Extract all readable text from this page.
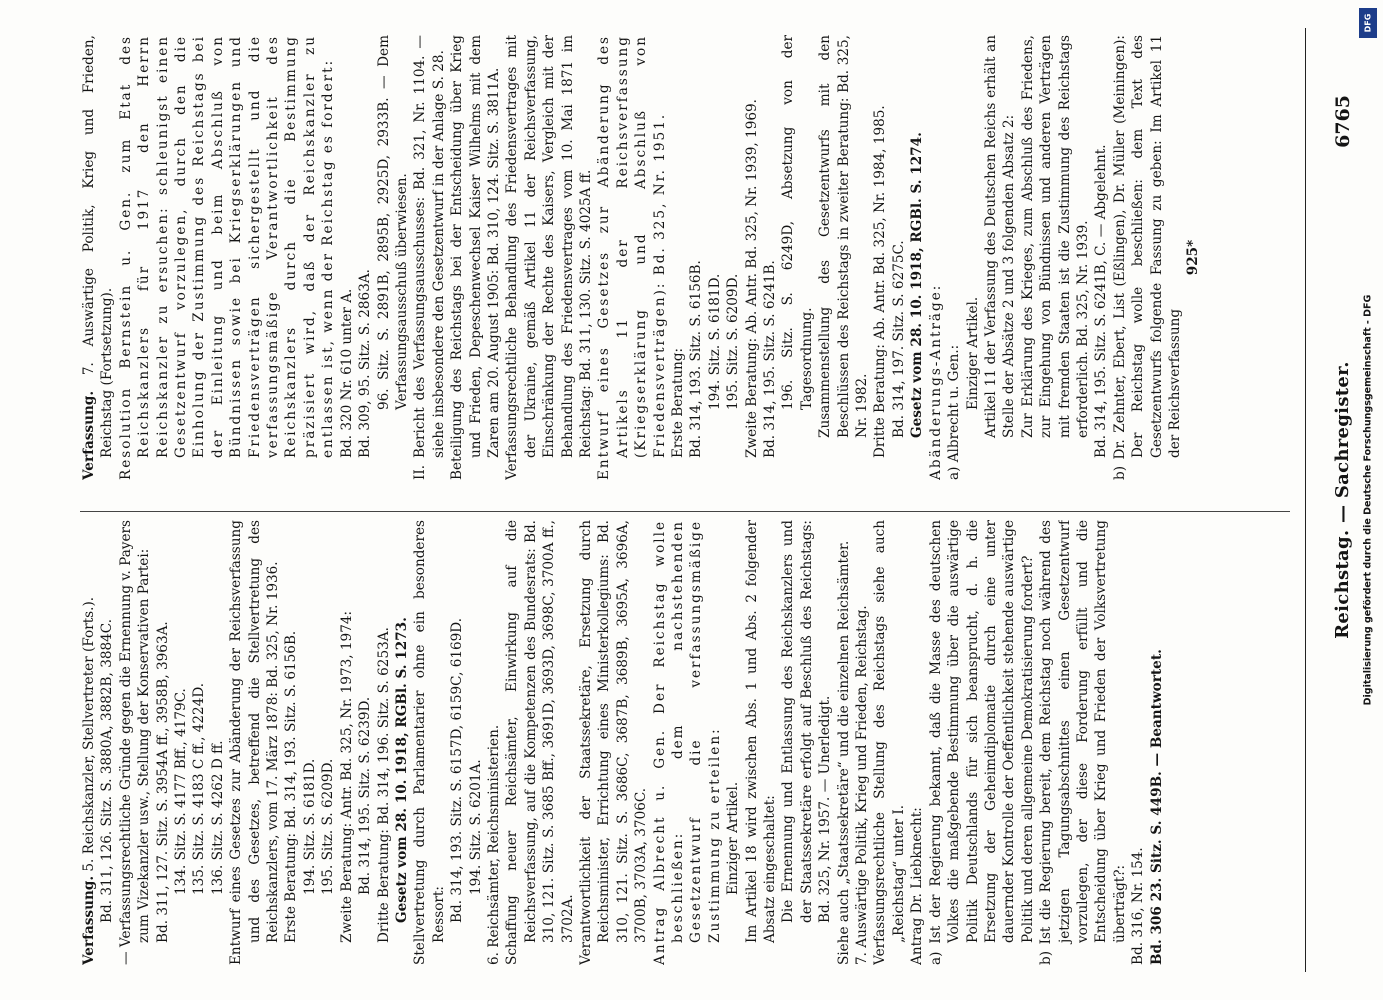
Reichstag. — Sachregister.
6765

Verfassung. 5. Reichskanzler, Stellvertreter (Forts.). Bd. 311, 126. Sitz. S. 3880A, 3882B, 3884C. — Verfassungsrechtliche Gründe gegen die Ernennung v. Payers zum Vizekanzler usw., Stellung der Konservativen Partei: Bd. 311, 127. Sitz. S. 3954A ff., 3958B, 3963A. 134. Sitz. S. 4177 Bff., 4179C. 135. Sitz. S. 4183 C ff., 4224D. 136. Sitz. S. 4262 D ff. Entwurf eines Gesetzes zur Abänderung der Reichsverfassung und des Gesetzes, betreffend die Stellvertretung des Reichskanzlers, vom 17. März 1878: Bd. 325, Nr. 1936. Erste Beratung: Bd. 314, 193. Sitz. S. 6156B. 194. Sitz. S. 6181D. 195. Sitz. S. 6209D. Zweite Beratung: Antr. Bd. 325, Nr. 1973, 1974: Bd. 314, 195. Sitz. S. 6239D. Dritte Beratung: Bd. 314, 196. Sitz. S. 6253A. Gesetz vom 28. 10. 1918, RGBl. S. 1273. Stellvertretung durch Parlamentarier ohne ein besonderes Ressort: Bd. 314, 193. Sitz. S. 6157D, 6159C, 6169D. 194. Sitz. S. 6201A. 6. Reichsämter, Reichsministerien. Schaffung neuer Reichsämter, Einwirkung auf die Reichsverfassung, auf die Kompetenzen des Bundesrats: Bd. 310, 121. Sitz. S. 3685 Bff., 3691D, 3693D, 3698C, 3700A ff., 3702A. Verantwortlichkeit der Staatssekretäre, Ersetzung durch Reichsminister, Errichtung eines Ministerkollegiums: Bd. 310, 121. Sitz. S. 3686C, 3687B, 3689B, 3695A, 3696A, 3700B, 3703A, 3706C. Antrag Albrecht u. Gen. Der Reichstag wolle beschließen: dem nachstehenden Gesetzentwurf die verfassungsmäßige Zustimmung zu erteilen: Einziger Artikel. Im Artikel 18 wird zwischen Abs. 1 und Abs. 2 folgender Absatz eingeschaltet: Die Ernennung und Entlassung des Reichskanzlers und der Staatssekretäre erfolgt auf Beschluß des Reichstags: Bd. 325, Nr. 1957. — Unerledigt. Siehe auch „Staatssekretäre“ und die einzelnen Reichsämter. 7. Auswärtige Politik, Krieg und Frieden, Reichstag. Verfassungsrechtliche Stellung des Reichstags siehe auch „Reichstag“ unter I. Antrag Dr. Liebknecht: a) Ist der Regierung bekannt, daß die Masse des deutschen Volkes die maßgebende Bestimmung über die auswärtige Politik Deutschlands für sich beansprucht, d. h. die Ersetzung der Geheimdiplomatie durch eine unter dauernder Kontrolle der Oeffentlichkeit stehende auswärtige Politik und deren allgemeine Demokratisierung fordert? b) Ist die Regierung bereit, dem Reichstag noch während des jetzigen Tagungsabschnittes einen Gesetzentwurf vorzulegen, der diese Forderung erfüllt und die Entscheidung über Krieg und Frieden der Volksvertretung überträgt?: Bd. 316, Nr. 154. Bd. 306 23. Sitz. S. 449B. — Beantwortet.

Verfassung. 7. Auswärtige Politik, Krieg und Frieden, Reichstag (Fortsetzung). Resolution Bernstein u. Gen. zum Etat des Reichskanzlers für 1917 den Herrn Reichskanzler zu ersuchen: schleunigst einen Gesetzentwurf vorzulegen, durch den die Einholung der Zustimmung des Reichstags bei der Einleitung und beim Abschluß von Bündnissen sowie bei Kriegserklärungen und Friedensverträgen sichergestellt und die verfassungsmäßige Verantwortlichkeit des Reichskanzlers durch die Bestimmung präzisiert wird, daß der Reichskanzler zu entlassen ist, wenn der Reichstag es fordert: Bd. 320 Nr. 610 unter A. Bd. 309, 95. Sitz. S. 2863A. 96. Sitz. S. 2891B, 2895B, 2925D, 2933B. — Dem Verfassungsausschuß überwiesen. II. Bericht des Verfassungsausschusses: Bd. 321, Nr. 1104. — siehe insbesondere den Gesetzentwurf in der Anlage S. 28. Beteiligung des Reichstags bei der Entscheidung über Krieg und Frieden, Depeschenwechsel Kaiser Wilhelms mit dem Zaren am 20. August 1905: Bd. 310, 124. Sitz. S. 3811A. Verfassungsrechtliche Behandlung des Friedensvertrages mit der Ukraine, gemäß Artikel 11 der Reichsverfassung, Einschränkung der Rechte des Kaisers, Vergleich mit der Behandlung des Friedensvertrages vom 10. Mai 1871 im Reichstag: Bd. 311, 130. Sitz. S. 4025A ff. Entwurf eines Gesetzes zur Abänderung des Artikels 11 der Reichsverfassung (Kriegserklärung und Abschluß von Friedensverträgen): Bd. 325, Nr. 1951. Erste Beratung: Bd. 314, 193. Sitz. S. 6156B. 194. Sitz. S. 6181D. 195. Sitz. S. 6209D. Zweite Beratung: Ab. Antr. Bd. 325, Nr. 1939, 1969. Bd. 314, 195. Sitz. S. 6241B. 196. Sitz. S. 6249D, Absetzung von der Tagesordnung. Zusammenstellung des Gesetzentwurfs mit den Beschlüssen des Reichstags in zweiter Beratung: Bd. 325, Nr. 1982. Dritte Beratung: Ab. Antr. Bd. 325, Nr. 1984, 1985. Bd. 314, 197. Sitz. S. 6275C. Gesetz vom 28. 10. 1918, RGBl. S. 1274. Abänderungs-Anträge: a) Albrecht u. Gen.: Einziger Artikel. Artikel 11 der Verfassung des Deutschen Reichs erhält an Stelle der Absätze 2 und 3 folgenden Absatz 2: Zur Erklärung des Krieges, zum Abschluß des Friedens, zur Eingehung von Bündnissen und anderen Verträgen mit fremden Staaten ist die Zustimmung des Reichstags erforderlich. Bd. 325, Nr. 1939. Bd. 314, 195. Sitz. S. 6241B, C. — Abgelehnt. b) Dr. Zehnter, Ebert, List (Eßlingen), Dr. Müller (Meiningen): Der Reichstag wolle beschließen: dem Text des Gesetzentwurfs folgende Fassung zu geben: Im Artikel 11 der Reichsverfassung

925*

Digitalisierung gefördert durch die Deutsche Forschungsgemeinschaft - DFG
DFG
